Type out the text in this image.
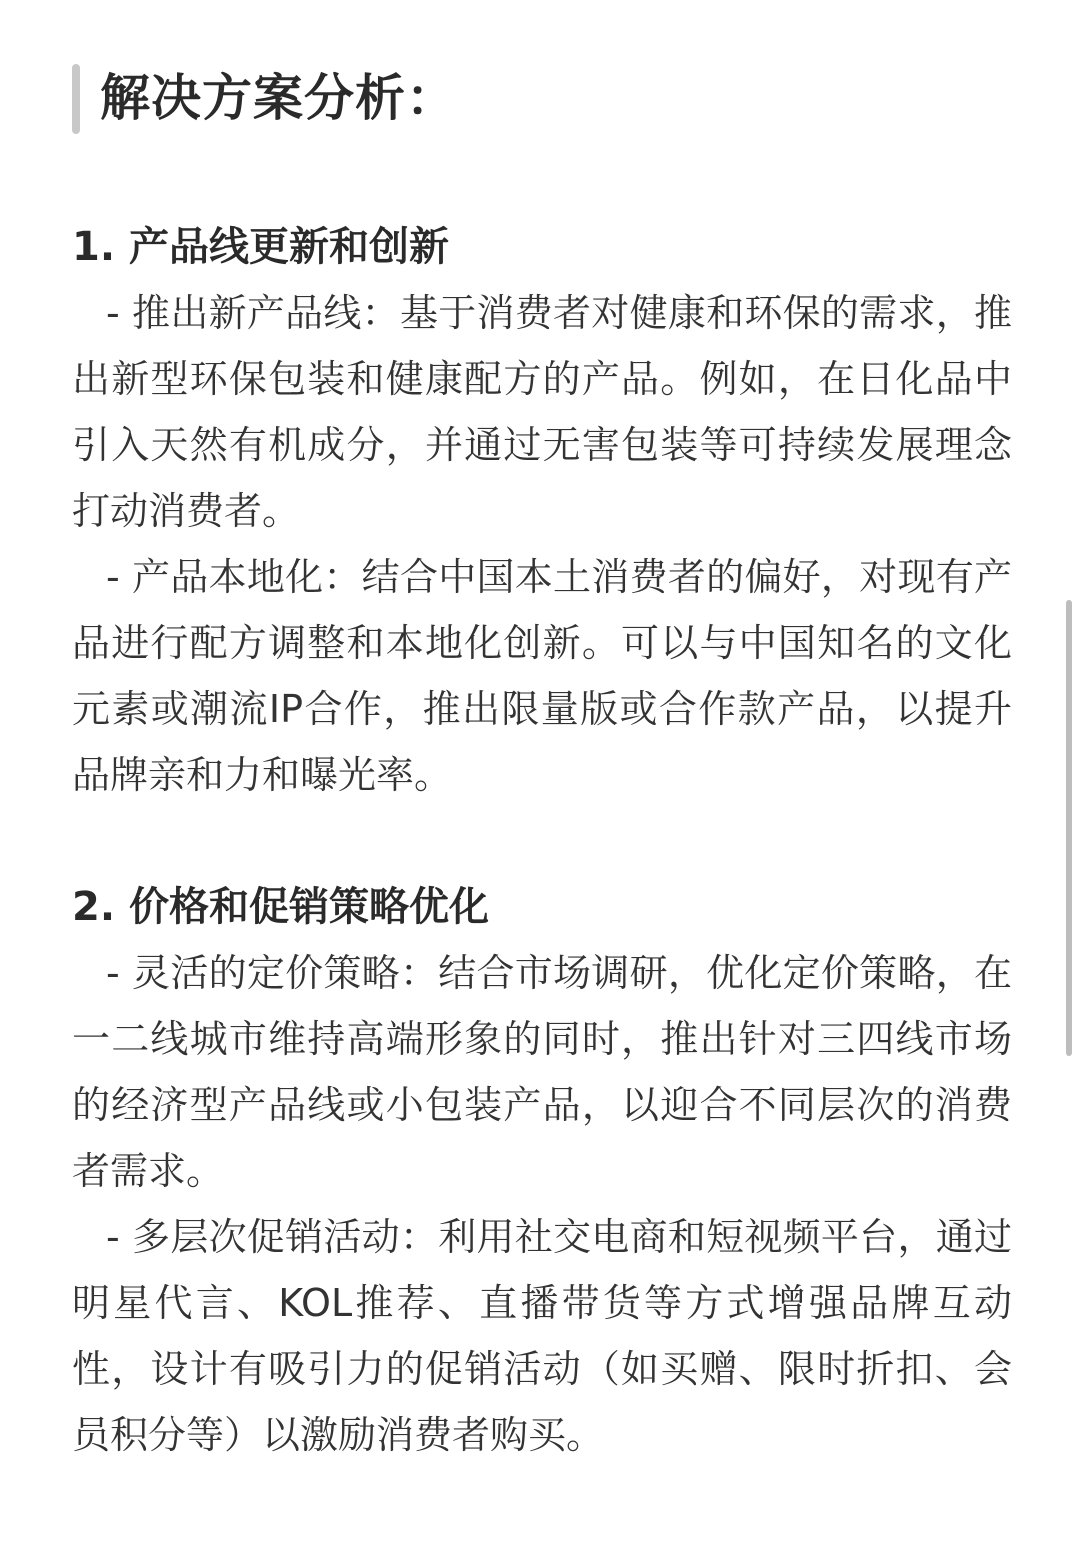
解决方案分析：
1. 产品线更新和创新
- 推出新产品线：基于消费者对健康和环保的需求，推出新型环保包装和健康配方的产品。例如，在日化品中引入天然有机成分，并通过无害包装等可持续发展理念打动消费者。
- 产品本地化：结合中国本土消费者的偏好，对现有产品进行配方调整和本地化创新。可以与中国知名的文化元素或潮流IP合作，推出限量版或合作款产品，以提升品牌亲和力和曝光率。
2. 价格和促销策略优化
- 灵活的定价策略：结合市场调研，优化定价策略，在一二线城市维持高端形象的同时，推出针对三四线市场的经济型产品线或小包装产品，以迎合不同层次的消费者需求。
- 多层次促销活动：利用社交电商和短视频平台，通过明星代言、KOL推荐、直播带货等方式增强品牌互动性，设计有吸引力的促销活动（如买赠、限时折扣、会员积分等）以激励消费者购买。
